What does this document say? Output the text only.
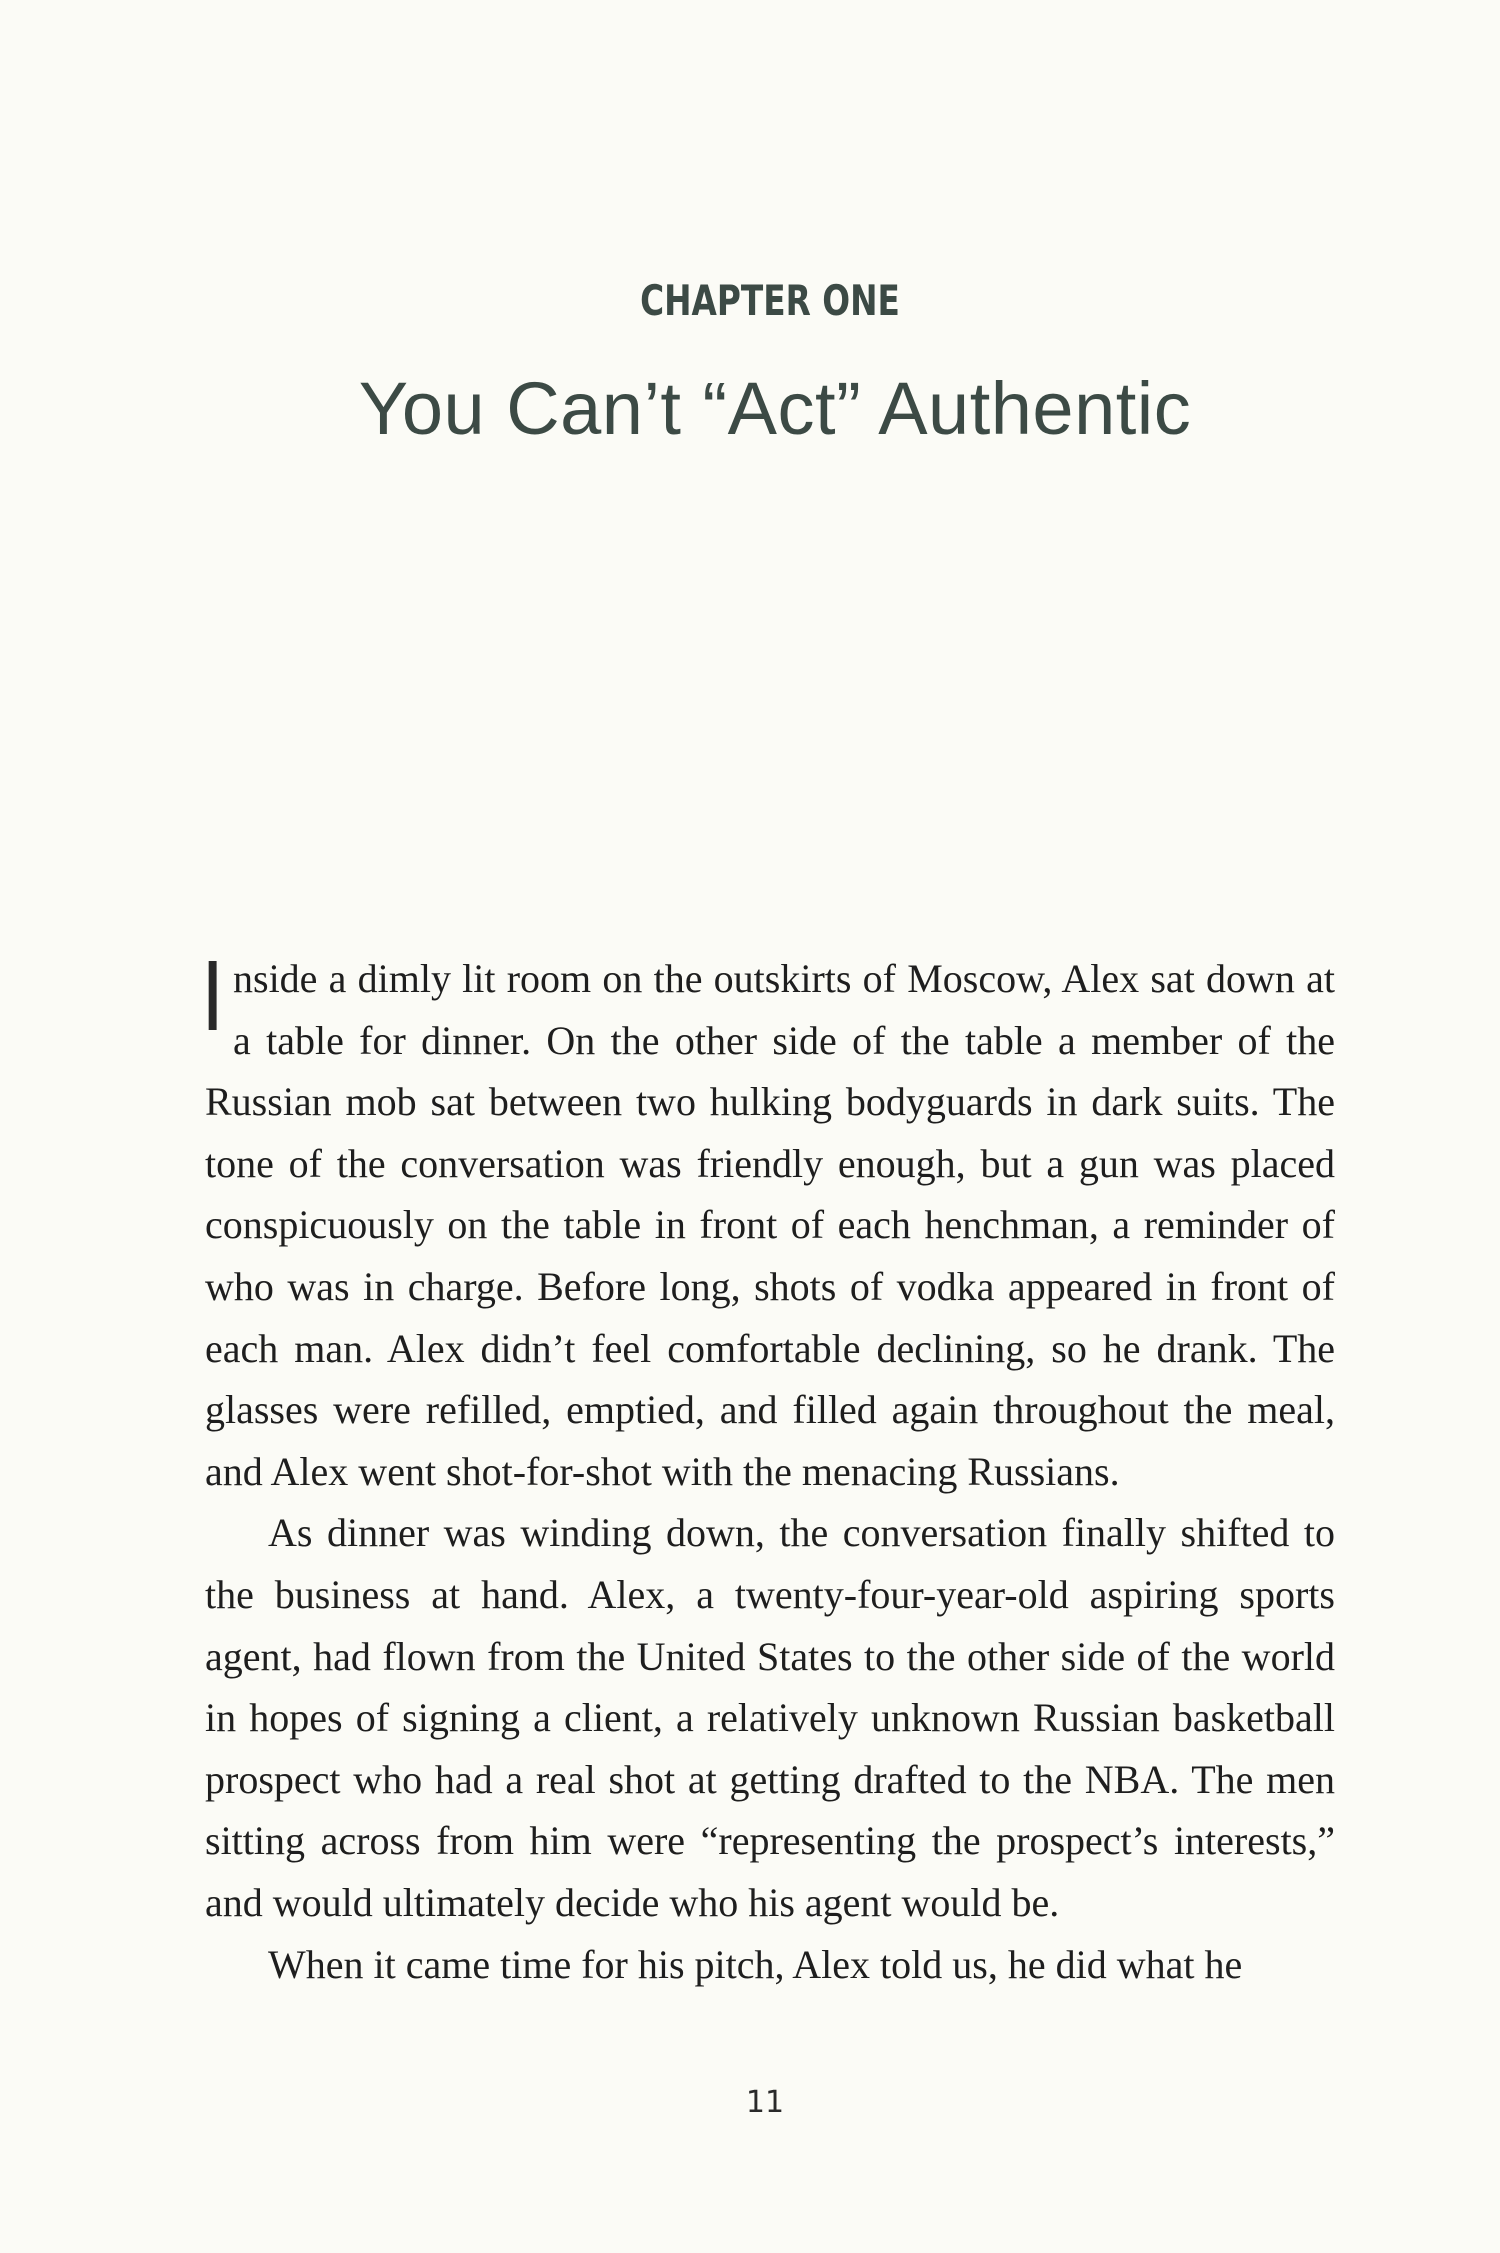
CHAPTER ONE
You Can’t “Act” Authentic

Inside a dimly lit room on the outskirts of Moscow, Alex sat down at a table for dinner. On the other side of the table a member of the Russian mob sat between two hulking bodyguards in dark suits. The tone of the conversation was friendly enough, but a gun was placed conspicuously on the table in front of each henchman, a reminder of who was in charge. Before long, shots of vodka appeared in front of each man. Alex didn’t feel comfortable declining, so he drank. The glasses were refilled, emptied, and filled again throughout the meal, and Alex went shot-for-shot with the menacing Russians.

As dinner was winding down, the conversation finally shifted to the business at hand. Alex, a twenty-four-year-old aspiring sports agent, had flown from the United States to the other side of the world in hopes of signing a client, a relatively unknown Russian basketball prospect who had a real shot at getting drafted to the NBA. The men sitting across from him were “representing the prospect’s interests,” and would ultimately decide who his agent would be.

When it came time for his pitch, Alex told us, he did what he

11
